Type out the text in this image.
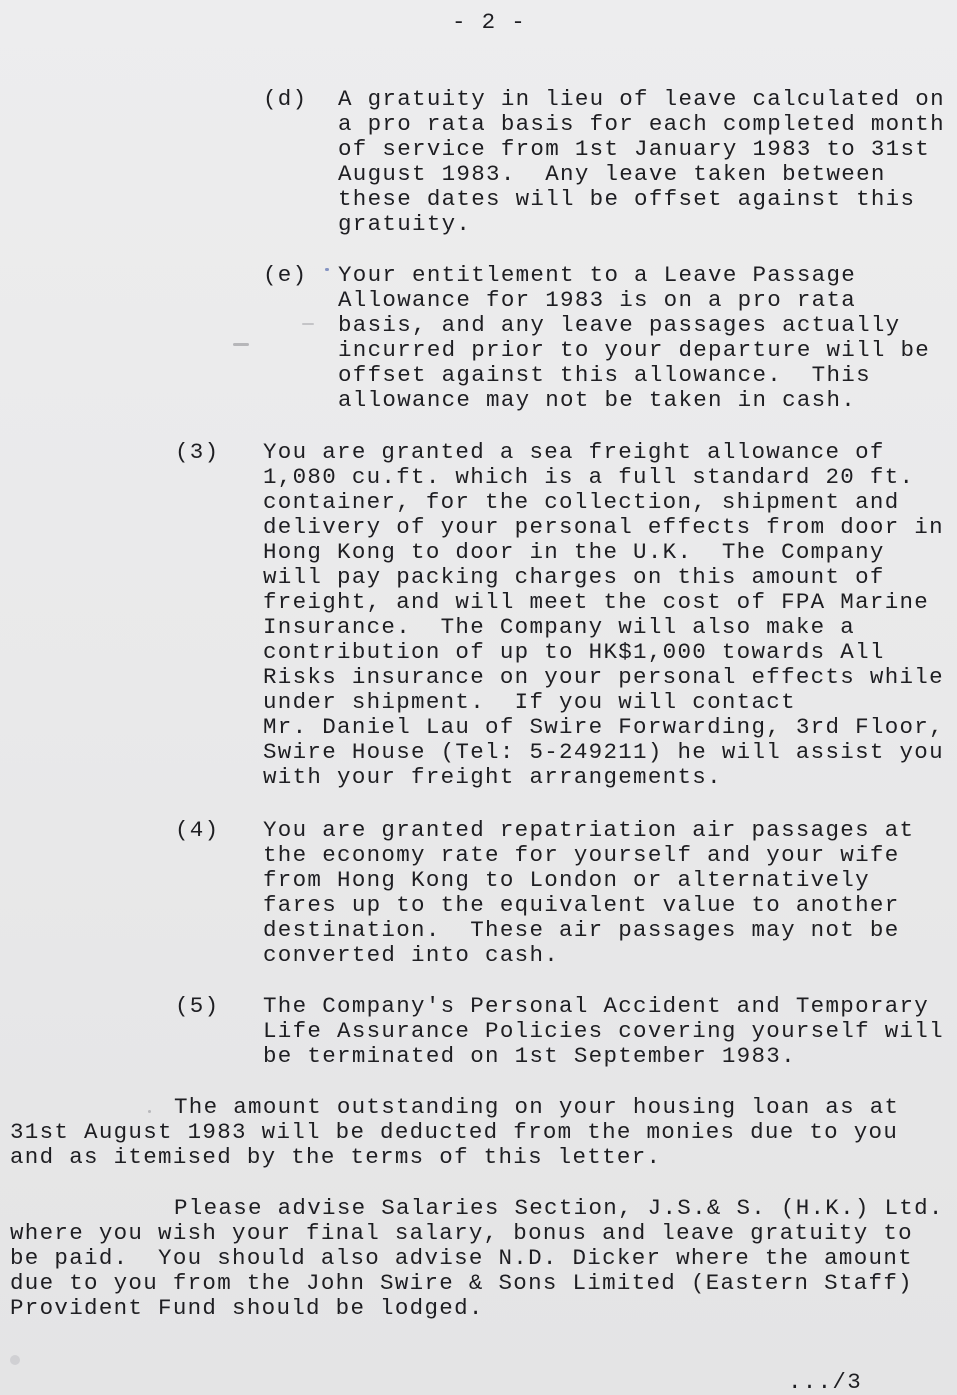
- 2 -
(d) A gratuity in lieu of leave calculated on
a pro rata basis for each completed month
of service from 1st January 1983 to 31st
August 1983.  Any leave taken between
these dates will be offset against this
gratuity.
(e) Your entitlement to a Leave Passage
Allowance for 1983 is on a pro rata
basis, and any leave passages actually
incurred prior to your departure will be
offset against this allowance.  This
allowance may not be taken in cash.
(3) You are granted a sea freight allowance of
1,080 cu.ft. which is a full standard 20 ft.
container, for the collection, shipment and
delivery of your personal effects from door in
Hong Kong to door in the U.K.  The Company
will pay packing charges on this amount of
freight, and will meet the cost of FPA Marine
Insurance.  The Company will also make a
contribution of up to HK$1,000 towards All
Risks insurance on your personal effects while
under shipment.  If you will contact
Mr. Daniel Lau of Swire Forwarding, 3rd Floor,
Swire House (Tel: 5-249211) he will assist you
with your freight arrangements.
(4) You are granted repatriation air passages at
the economy rate for yourself and your wife
from Hong Kong to London or alternatively
fares up to the equivalent value to another
destination.  These air passages may not be
converted into cash.
(5) The Company's Personal Accident and Temporary
Life Assurance Policies covering yourself will
be terminated on 1st September 1983.
The amount outstanding on your housing loan as at
31st August 1983 will be deducted from the monies due to you
and as itemised by the terms of this letter.
Please advise Salaries Section, J.S.& S. (H.K.) Ltd.
where you wish your final salary, bonus and leave gratuity to
be paid.  You should also advise N.D. Dicker where the amount
due to you from the John Swire & Sons Limited (Eastern Staff)
Provident Fund should be lodged.
.../3
